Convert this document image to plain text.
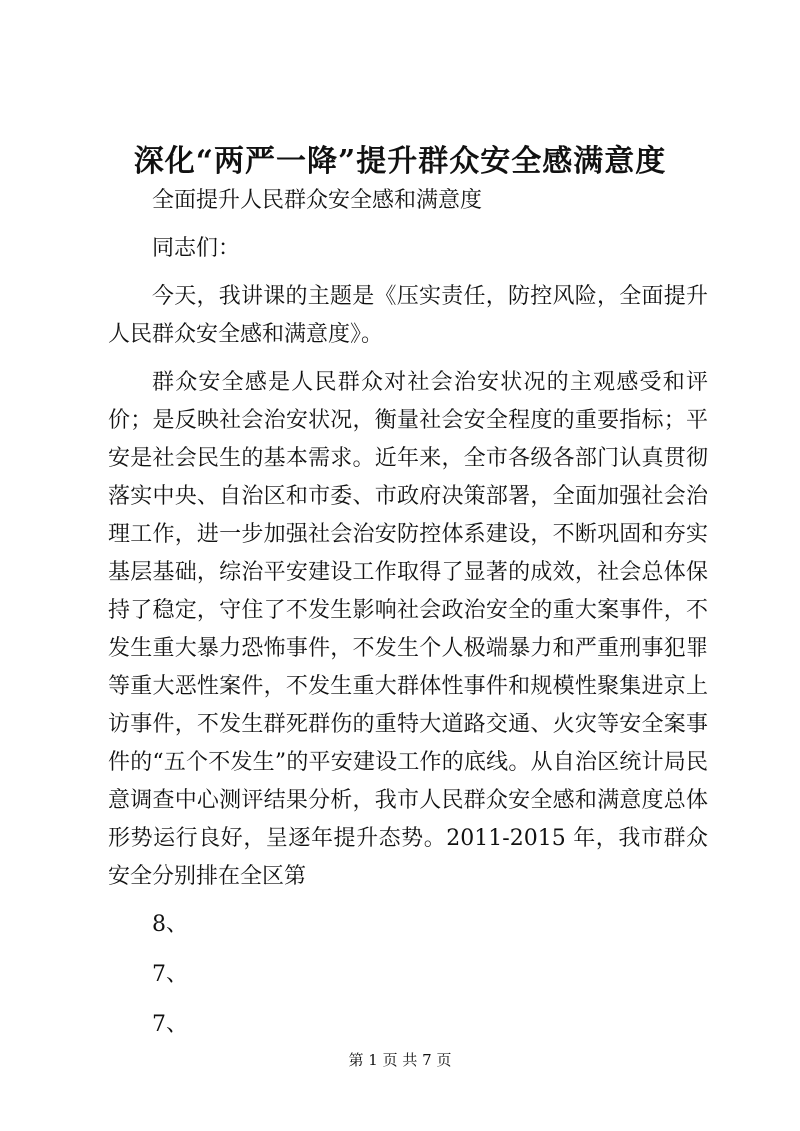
深化“两严一降”提升群众安全感满意度

全面提升人民群众安全感和满意度

同志们：

今天，我讲课的主题是《压实责任，防控风险，全面提升人民群众安全感和满意度》。

群众安全感是人民群众对社会治安状况的主观感受和评价；是反映社会治安状况，衡量社会安全程度的重要指标；平安是社会民生的基本需求。近年来，全市各级各部门认真贯彻落实中央、自治区和市委、市政府决策部署，全面加强社会治理工作，进一步加强社会治安防控体系建设，不断巩固和夯实基层基础，综治平安建设工作取得了显著的成效，社会总体保持了稳定，守住了不发生影响社会政治安全的重大案事件，不发生重大暴力恐怖事件，不发生个人极端暴力和严重刑事犯罪等重大恶性案件，不发生重大群体性事件和规模性聚集进京上访事件，不发生群死群伤的重特大道路交通、火灾等安全案事件的“五个不发生”的平安建设工作的底线。从自治区统计局民意调查中心测评结果分析，我市人民群众安全感和满意度总体形势运行良好，呈逐年提升态势。2011-2015 年，我市群众安全分别排在全区第

8、

7、

7、

第 1 页 共 7 页
